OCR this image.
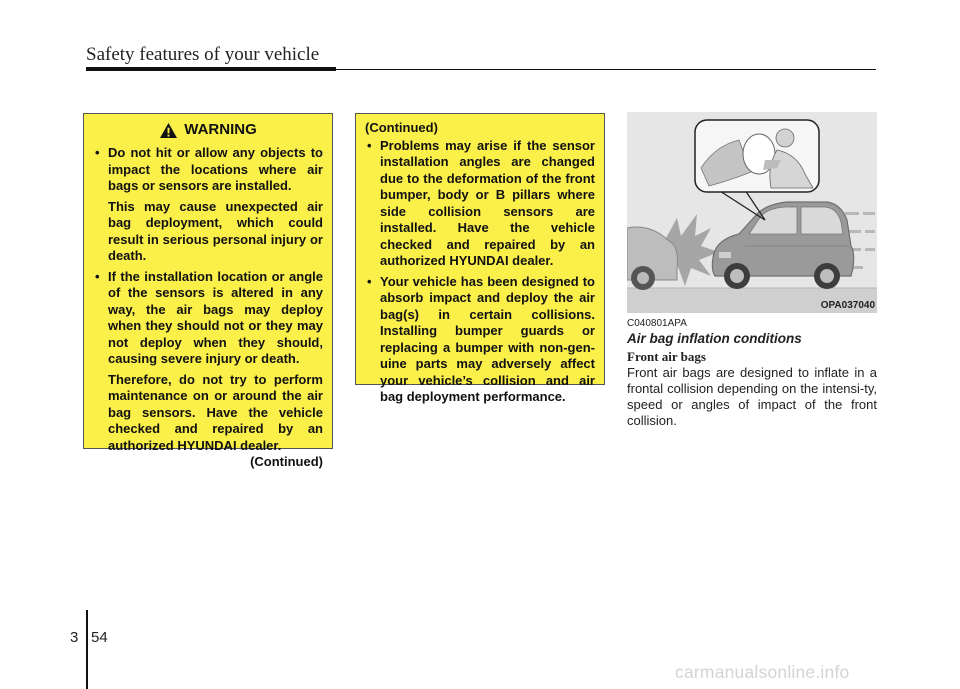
Safety features of your vehicle
WARNING
• Do not hit or allow any objects to impact the locations where air bags or sensors are installed.
This may cause unexpected air bag deployment, which could result in serious personal injury or death.
• If the installation location or angle of the sensors is altered in any way, the air bags may deploy when they should not or they may not deploy when they should, causing severe injury or death.
Therefore, do not try to perform maintenance on or around the air bag sensors. Have the vehicle checked and repaired by an authorized HYUNDAI dealer.
(Continued)
(Continued)
• Problems may arise if the sensor installation angles are changed due to the deformation of the front bumper, body or B pillars where side collision sensors are installed. Have the vehicle checked and repaired by an authorized HYUNDAI dealer.
• Your vehicle has been designed to absorb impact and deploy the air bag(s) in certain collisions. Installing bumper guards or replacing a bumper with non-gen-uine parts may adversely affect your vehicle’s collision and air bag deployment performance.
OPA037040
C040801APA
Air bag inflation conditions
Front air bags
Front air bags are designed to inflate in a frontal collision depending on the intensi-ty, speed or angles of impact of the front collision.
3 54
carmanualsonline.info
